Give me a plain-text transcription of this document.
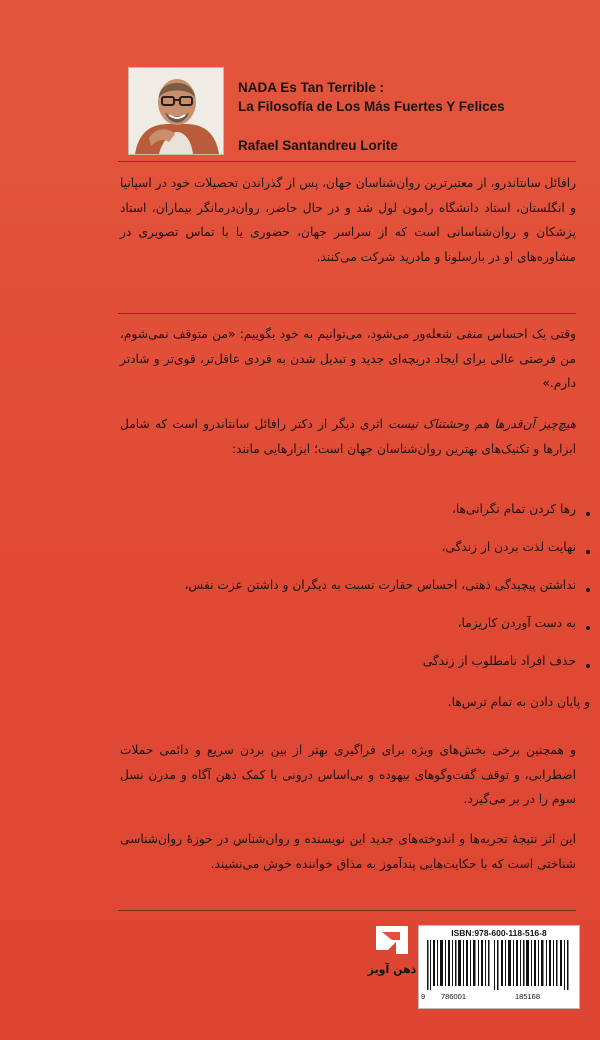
NADA Es Tan Terrible :
La Filosofía de Los Más Fuertes Y Felices
Rafael Santandreu Lorite

رافائل سانتاندرو، از معتبرترین روان‌شناسان جهان، پس از گذراندن تحصیلات خود در اسپانیا و انگلستان، استاد دانشگاه رامون لول شد و در حال حاضر، روان‌درمانگر بیماران، استاد پزشکان و روان‌شناسانی است که از سراسر جهان، حضوری یا با تماس تصویری در مشاوره‌های او در بارسلونا و مادرید شرکت می‌کنند.

وقتی یک احساس منفی شعله‌ور می‌شود، می‌توانیم به خود بگوییم: «من متوقف نمی‌شوم، من فرصتی عالی برای ایجاد دریچه‌ای جدید و تبدیل شدن به فردی عاقل‌تر، قوی‌تر و شادتر دارم.»

هیچ‌چیز آن‌قدرها هم وحشتناک نیست اثری دیگر از دکتر رافائل سانتاندرو است که شامل ابزارها و تکنیک‌های بهترین روان‌شناسان جهان است؛ ابزارهایی مانند:

رها کردن تمام نگرانی‌ها،
نهایت لذت بردن از زندگی،
نداشتن پیچیدگی ذهنی، احساس حقارت نسبت به دیگران و داشتن عزت نفس،
به دست آوردن کاریزما،
حذف افراد نامطلوب از زندگی
و پایان دادن به تمام ترس‌ها.

و همچنین برخی بخش‌های ویژه برای فراگیری بهتر از بین بردن سریع و دائمی حملات اضطرابی، و توقف گفت‌وگوهای بیهوده و بی‌اساس درونی با کمک ذهن آگاه و مدرن نسل سوم را در بر می‌گیرد.

این اثر نتیجهٔ تجربه‌ها و اندوخته‌های جدید این نویسنده و روان‌شناس در حوزهٔ روان‌شناسی شناختی است که با حکایت‌هایی پندآموز به مذاق خواننده خوش می‌نشیند.

ذهن آویز
ISBN:978-600-118-516-8
9 786001	185168
